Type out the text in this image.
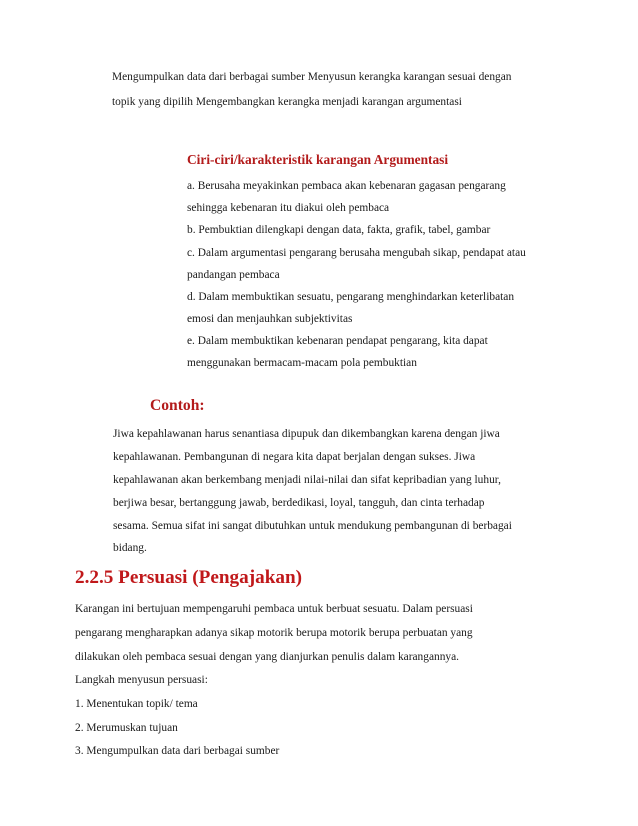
Mengumpulkan data dari berbagai sumber Menyusun kerangka karangan sesuai dengan
topik yang dipilih Mengembangkan kerangka menjadi karangan argumentasi
Ciri-ciri/karakteristik karangan Argumentasi
a. Berusaha meyakinkan pembaca akan kebenaran gagasan pengarang
sehingga kebenaran itu diakui oleh pembaca
b. Pembuktian dilengkapi dengan data, fakta, grafik, tabel, gambar
c. Dalam argumentasi pengarang berusaha mengubah sikap, pendapat atau
pandangan pembaca
d. Dalam membuktikan sesuatu, pengarang menghindarkan keterlibatan
emosi dan menjauhkan subjektivitas
e. Dalam membuktikan kebenaran pendapat pengarang, kita dapat
menggunakan bermacam-macam pola pembuktian
Contoh:
Jiwa kepahlawanan harus senantiasa dipupuk dan dikembangkan karena dengan jiwa
kepahlawanan. Pembangunan di negara kita dapat berjalan dengan sukses. Jiwa
kepahlawanan akan berkembang menjadi nilai-nilai dan sifat kepribadian yang luhur,
berjiwa besar, bertanggung jawab, berdedikasi, loyal, tangguh, dan cinta terhadap
sesama. Semua sifat ini sangat dibutuhkan untuk mendukung pembangunan di berbagai
bidang.
2.2.5 Persuasi (Pengajakan)
Karangan ini bertujuan mempengaruhi pembaca untuk berbuat sesuatu. Dalam persuasi
pengarang mengharapkan adanya sikap motorik berupa motorik berupa perbuatan yang
dilakukan oleh pembaca sesuai dengan yang dianjurkan penulis dalam karangannya.
Langkah menyusun persuasi:
1. Menentukan topik/ tema
2. Merumuskan tujuan
3. Mengumpulkan data dari berbagai sumber
